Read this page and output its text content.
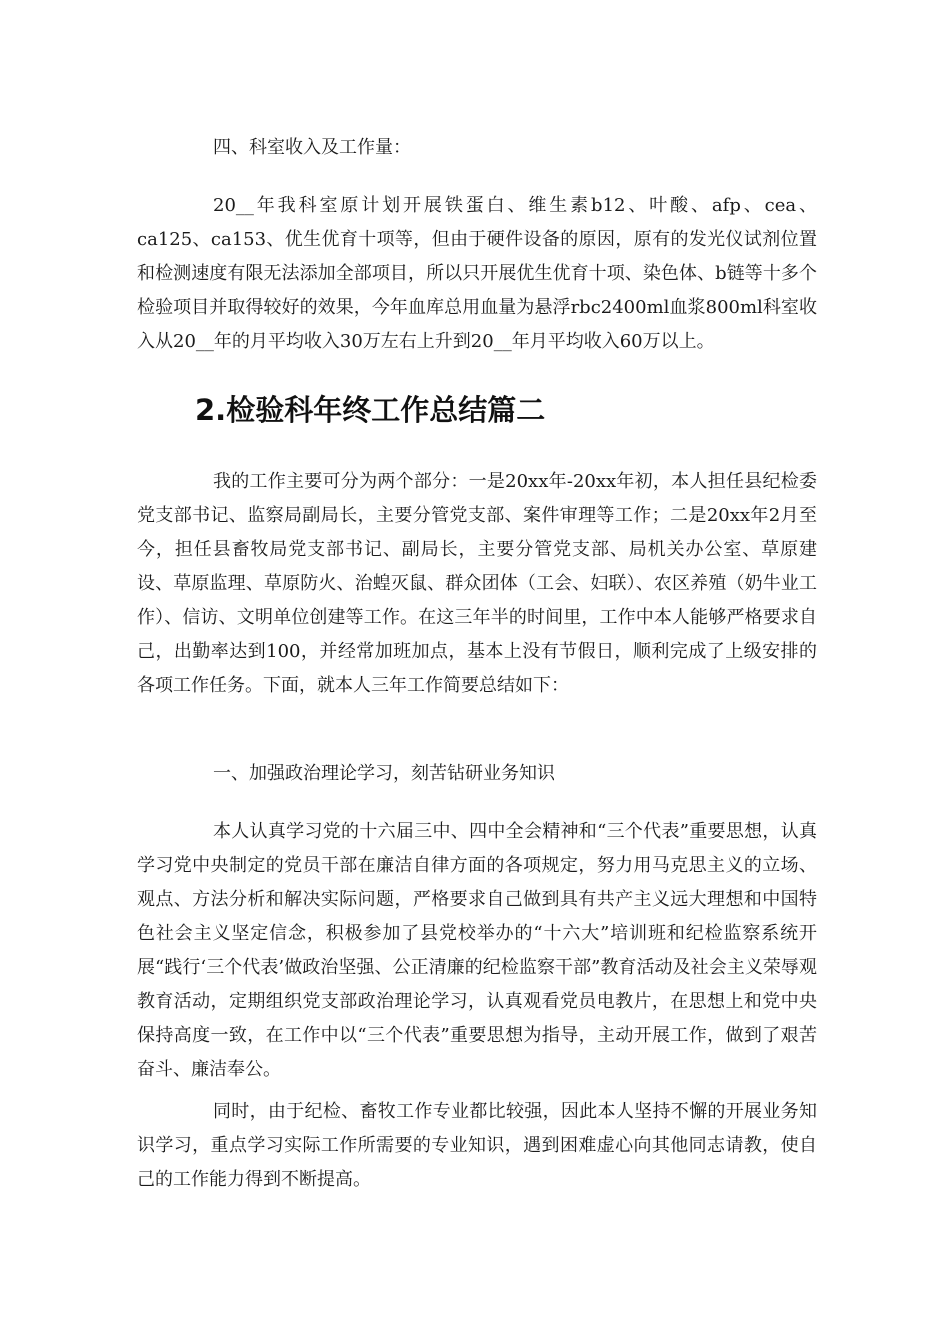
四、科室收入及工作量：

20__年我科室原计划开展铁蛋白、维生素b12、叶酸、afp、cea、ca125、ca153、优生优育十项等，但由于硬件设备的原因，原有的发光仪试剂位置和检测速度有限无法添加全部项目，所以只开展优生优育十项、染色体、b链等十多个检验项目并取得较好的效果，今年血库总用血量为悬浮rbc2400ml血浆800ml科室收入从20__年的月平均收入30万左右上升到20__年月平均收入60万以上。

2.检验科年终工作总结篇二

我的工作主要可分为两个部分：一是20xx年-20xx年初，本人担任县纪检委党支部书记、监察局副局长，主要分管党支部、案件审理等工作；二是20xx年2月至今，担任县畜牧局党支部书记、副局长，主要分管党支部、局机关办公室、草原建设、草原监理、草原防火、治蝗灭鼠、群众团体（工会、妇联）、农区养殖（奶牛业工作）、信访、文明单位创建等工作。在这三年半的时间里，工作中本人能够严格要求自己，出勤率达到100，并经常加班加点，基本上没有节假日，顺利完成了上级安排的各项工作任务。下面，就本人三年工作简要总结如下：

一、加强政治理论学习，刻苦钻研业务知识

本人认真学习党的十六届三中、四中全会精神和“三个代表”重要思想，认真学习党中央制定的党员干部在廉洁自律方面的各项规定，努力用马克思主义的立场、观点、方法分析和解决实际问题，严格要求自己做到具有共产主义远大理想和中国特色社会主义坚定信念，积极参加了县党校举办的“十六大”培训班和纪检监察系统开展“践行‘三个代表’做政治坚强、公正清廉的纪检监察干部”教育活动及社会主义荣辱观教育活动，定期组织党支部政治理论学习，认真观看党员电教片，在思想上和党中央保持高度一致，在工作中以“三个代表”重要思想为指导，主动开展工作，做到了艰苦奋斗、廉洁奉公。

同时，由于纪检、畜牧工作专业都比较强，因此本人坚持不懈的开展业务知识学习，重点学习实际工作所需要的专业知识，遇到困难虚心向其他同志请教，使自己的工作能力得到不断提高。
